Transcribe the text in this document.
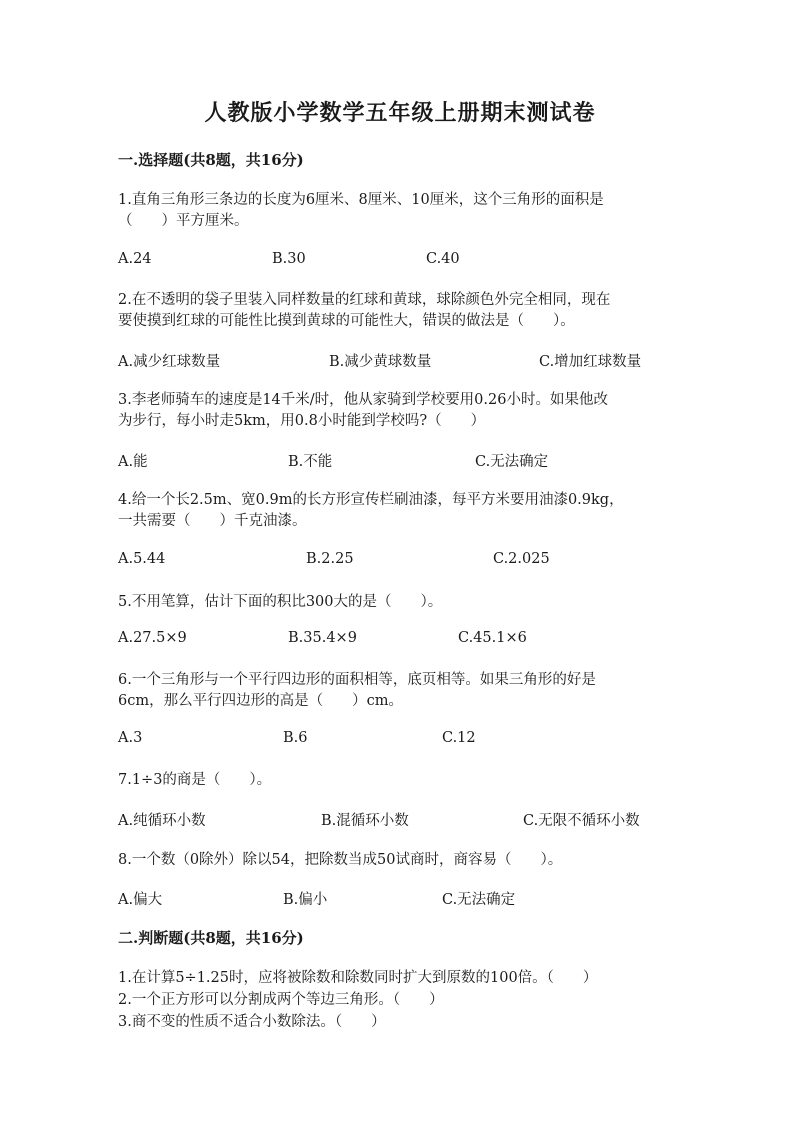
人教版小学数学五年级上册期末测试卷
一.选择题(共8题，共16分)
1.直角三角形三条边的长度为6厘米、8厘米、10厘米，这个三角形的面积是
（　　）平方厘米。
A.24	B.30	C.40
2.在不透明的袋子里装入同样数量的红球和黄球，球除颜色外完全相同，现在
要使摸到红球的可能性比摸到黄球的可能性大，错误的做法是（　　）。
A.减少红球数量	B.减少黄球数量	C.增加红球数量
3.李老师骑车的速度是14千米/时，他从家骑到学校要用0.26小时。如果他改
为步行，每小时走5km，用0.8小时能到学校吗?（　　）
A.能	B.不能	C.无法确定
4.给一个长2.5m、宽0.9m的长方形宣传栏刷油漆，每平方米要用油漆0.9kg，
一共需要（　　）千克油漆。
A.5.44	B.2.25	C.2.025
5.不用笔算，估计下面的积比300大的是（　　）。
A.27.5×9	B.35.4×9	C.45.1×6
6.一个三角形与一个平行四边形的面积相等，底页相等。如果三角形的好是
6cm，那么平行四边形的高是（　　）cm。
A.3	B.6	C.12
7.1÷3的商是（　　）。
A.纯循环小数	B.混循环小数	C.无限不循环小数
8.一个数（0除外）除以54，把除数当成50试商时，商容易（　　）。
A.偏大	B.偏小	C.无法确定
二.判断题(共8题，共16分)
1.在计算5÷1.25时，应将被除数和除数同时扩大到原数的100倍。（　　）
2.一个正方形可以分割成两个等边三角形。（　　）
3.商不变的性质不适合小数除法。（　　）
